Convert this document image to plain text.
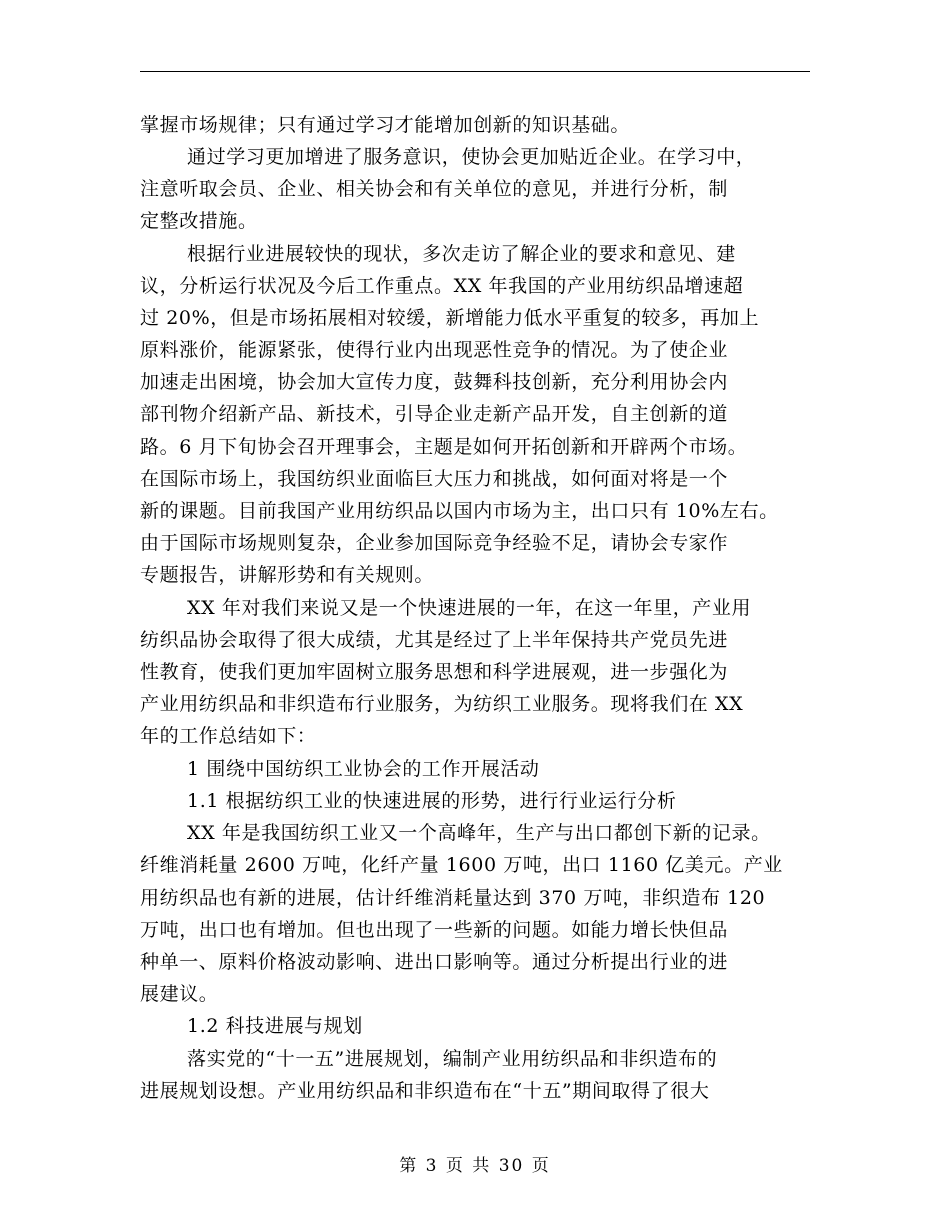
掌握市场规律；只有通过学习才能增加创新的知识基础。
通过学习更加增进了服务意识，使协会更加贴近企业。在学习中，
注意听取会员、企业、相关协会和有关单位的意见，并进行分析，制
定整改措施。
根据行业进展较快的现状，多次走访了解企业的要求和意见、建
议，分析运行状况及今后工作重点。XX 年我国的产业用纺织品增速超
过 20%，但是市场拓展相对较缓，新增能力低水平重复的较多，再加上
原料涨价，能源紧张，使得行业内出现恶性竞争的情况。为了使企业
加速走出困境，协会加大宣传力度，鼓舞科技创新，充分利用协会内
部刊物介绍新产品、新技术，引导企业走新产品开发，自主创新的道
路。6 月下旬协会召开理事会，主题是如何开拓创新和开辟两个市场。
在国际市场上，我国纺织业面临巨大压力和挑战，如何面对将是一个
新的课题。目前我国产业用纺织品以国内市场为主，出口只有 10%左右。
由于国际市场规则复杂，企业参加国际竞争经验不足，请协会专家作
专题报告，讲解形势和有关规则。
XX 年对我们来说又是一个快速进展的一年，在这一年里，产业用
纺织品协会取得了很大成绩，尤其是经过了上半年保持共产党员先进
性教育，使我们更加牢固树立服务思想和科学进展观，进一步强化为
产业用纺织品和非织造布行业服务，为纺织工业服务。现将我们在 XX
年的工作总结如下：
1 围绕中国纺织工业协会的工作开展活动
1.1 根据纺织工业的快速进展的形势，进行行业运行分析
XX 年是我国纺织工业又一个高峰年，生产与出口都创下新的记录。
纤维消耗量 2600 万吨，化纤产量 1600 万吨，出口 1160 亿美元。产业
用纺织品也有新的进展，估计纤维消耗量达到 370 万吨，非织造布 120
万吨，出口也有增加。但也出现了一些新的问题。如能力增长快但品
种单一、原料价格波动影响、进出口影响等。通过分析提出行业的进
展建议。
1.2 科技进展与规划
落实党的“十一五”进展规划，编制产业用纺织品和非织造布的
进展规划设想。产业用纺织品和非织造布在“十五”期间取得了很大
第 3 页 共 30 页
